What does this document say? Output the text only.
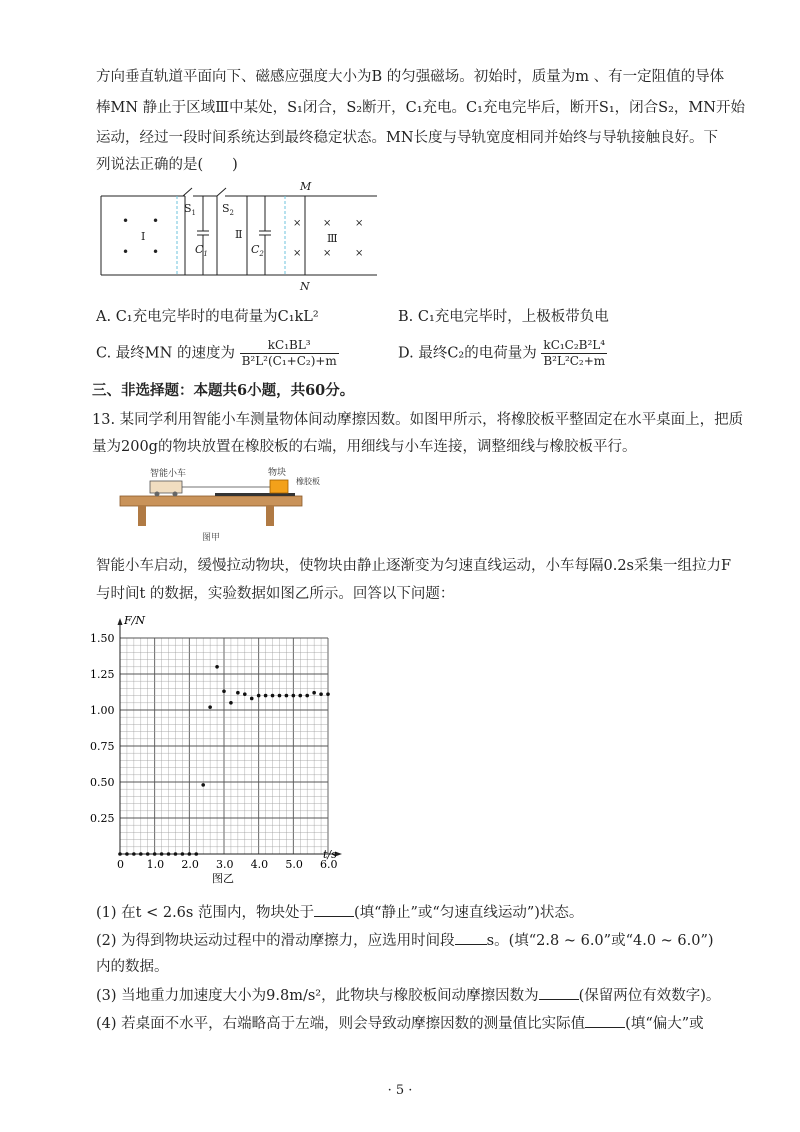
方向垂直轨道平面向下、磁感应强度大小为B 的匀强磁场。初始时，质量为m 、有一定阻值的导体
棒MN 静止于区域Ⅲ中某处，S₁闭合，S₂断开，C₁充电。C₁充电完毕后，断开S₁，闭合S₂，MN开始
运动，经过一段时间系统达到最终稳定状态。MN长度与导轨宽度相同并始终与导轨接触良好。下
列说法正确的是(　　)
M
N
$S_1$ $S_2$
$C_1$	$C_2$
Ⅰ	Ⅱ	Ⅲ
• •
• •
×
×
×
×
×
×
A. C₁充电完毕时的电荷量为C₁kL²	B. C₁充电完毕时，上极板带负电
C. 最终MN 的速度为 $\frac{\text{kC₁BL³}}{\text{B²L²(C₁+C₂)+m}}$	D. 最终C₂的电荷量为 $\frac{\text{kC₁C₂B²L⁴}}{\text{B²L²C₂+m}}$
三、非选择题：本题共6小题，共60分。
13. 某同学利用智能小车测量物体间动摩擦因数。如图甲所示，将橡胶板平整固定在水平桌面上，把质
量为200g的物块放置在橡胶板的右端，用细线与小车连接，调整细线与橡胶板平行。
智能小车	物块
橡胶板
图甲
智能小车启动，缓慢拉动物块，使物块由静止逐渐变为匀速直线运动，小车每隔0.2s采集一组拉力F
与时间t 的数据，实验数据如图乙所示。回答以下问题：
F/N
t/s
0 1.0 2.0 3.0 4.0 5.0 6.0
0.25
0.50
0.75
1.00
1.25
1.50
图乙
(1) 在t < 2.6s 范围内，物块处于	(填“静止”或“匀速直线运动”)状态。
(2) 为得到物块运动过程中的滑动摩擦力，应选用时间段 s。(填“2.8 ~ 6.0”或“4.0 ~ 6.0”)
内的数据。
(3) 当地重力加速度大小为9.8m/s²，此物块与橡胶板间动摩擦因数为	(保留两位有效数字)。
(4) 若桌面不水平，右端略高于左端，则会导致动摩擦因数的测量值比实际值	(填“偏大”或
· 5 ·
